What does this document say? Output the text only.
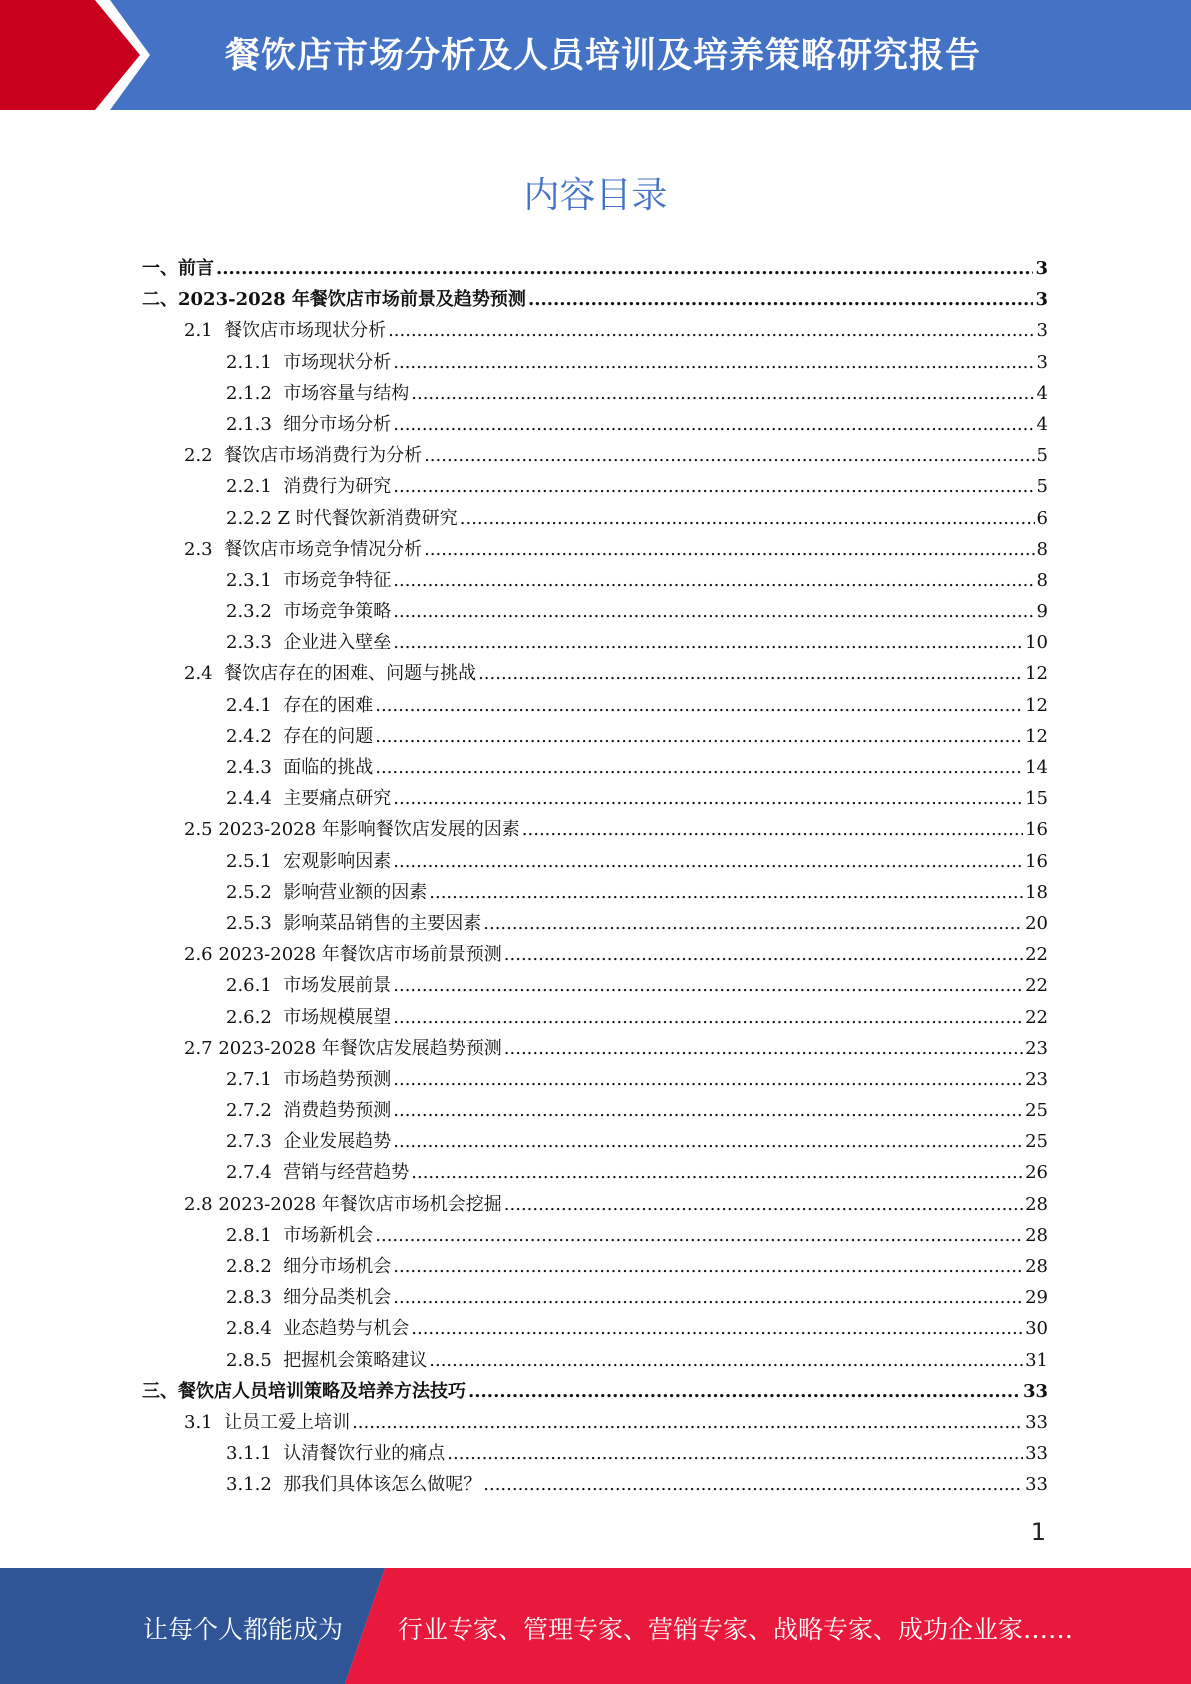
餐饮店市场分析及人员培训及培养策略研究报告
内容目录
一、前言 .....	3
二、2023-2028 年餐饮店市场前景及趋势预测 .....	3
2.1  餐饮店市场现状分析 .....	3
2.1.1  市场现状分析 .....	3
2.1.2  市场容量与结构 .....	4
2.1.3  细分市场分析 .....	4
2.2  餐饮店市场消费行为分析 .....	5
2.2.1  消费行为研究 .....	5
2.2.2 Z 时代餐饮新消费研究 .....	6
2.3  餐饮店市场竞争情况分析 .....	8
2.3.1  市场竞争特征 .....	8
2.3.2  市场竞争策略 .....	9
2.3.3  企业进入壁垒 .....	10
2.4  餐饮店存在的困难、问题与挑战 .....	12
2.4.1  存在的困难 .....	12
2.4.2  存在的问题 .....	12
2.4.3  面临的挑战 .....	14
2.4.4  主要痛点研究 .....	15
2.5 2023-2028 年影响餐饮店发展的因素 .....	16
2.5.1  宏观影响因素 .....	16
2.5.2  影响营业额的因素 .....	18
2.5.3  影响菜品销售的主要因素 .....	20
2.6 2023-2028 年餐饮店市场前景预测 .....	22
2.6.1  市场发展前景 .....	22
2.6.2  市场规模展望 .....	22
2.7 2023-2028 年餐饮店发展趋势预测 .....	23
2.7.1  市场趋势预测 .....	23
2.7.2  消费趋势预测 .....	25
2.7.3  企业发展趋势 .....	25
2.7.4  营销与经营趋势 .....	26
2.8 2023-2028 年餐饮店市场机会挖掘 .....	28
2.8.1  市场新机会 .....	28
2.8.2  细分市场机会 .....	28
2.8.3  细分品类机会 .....	29
2.8.4  业态趋势与机会 .....	30
2.8.5  把握机会策略建议 .....	31
三、餐饮店人员培训策略及培养方法技巧 .....	33
3.1  让员工爱上培训 .....	33
3.1.1  认清餐饮行业的痛点 .....	33
3.1.2  那我们具体该怎么做呢？ .....	33
1
让每个人都能成为 行业专家、管理专家、营销专家、战略专家、成功企业家……
